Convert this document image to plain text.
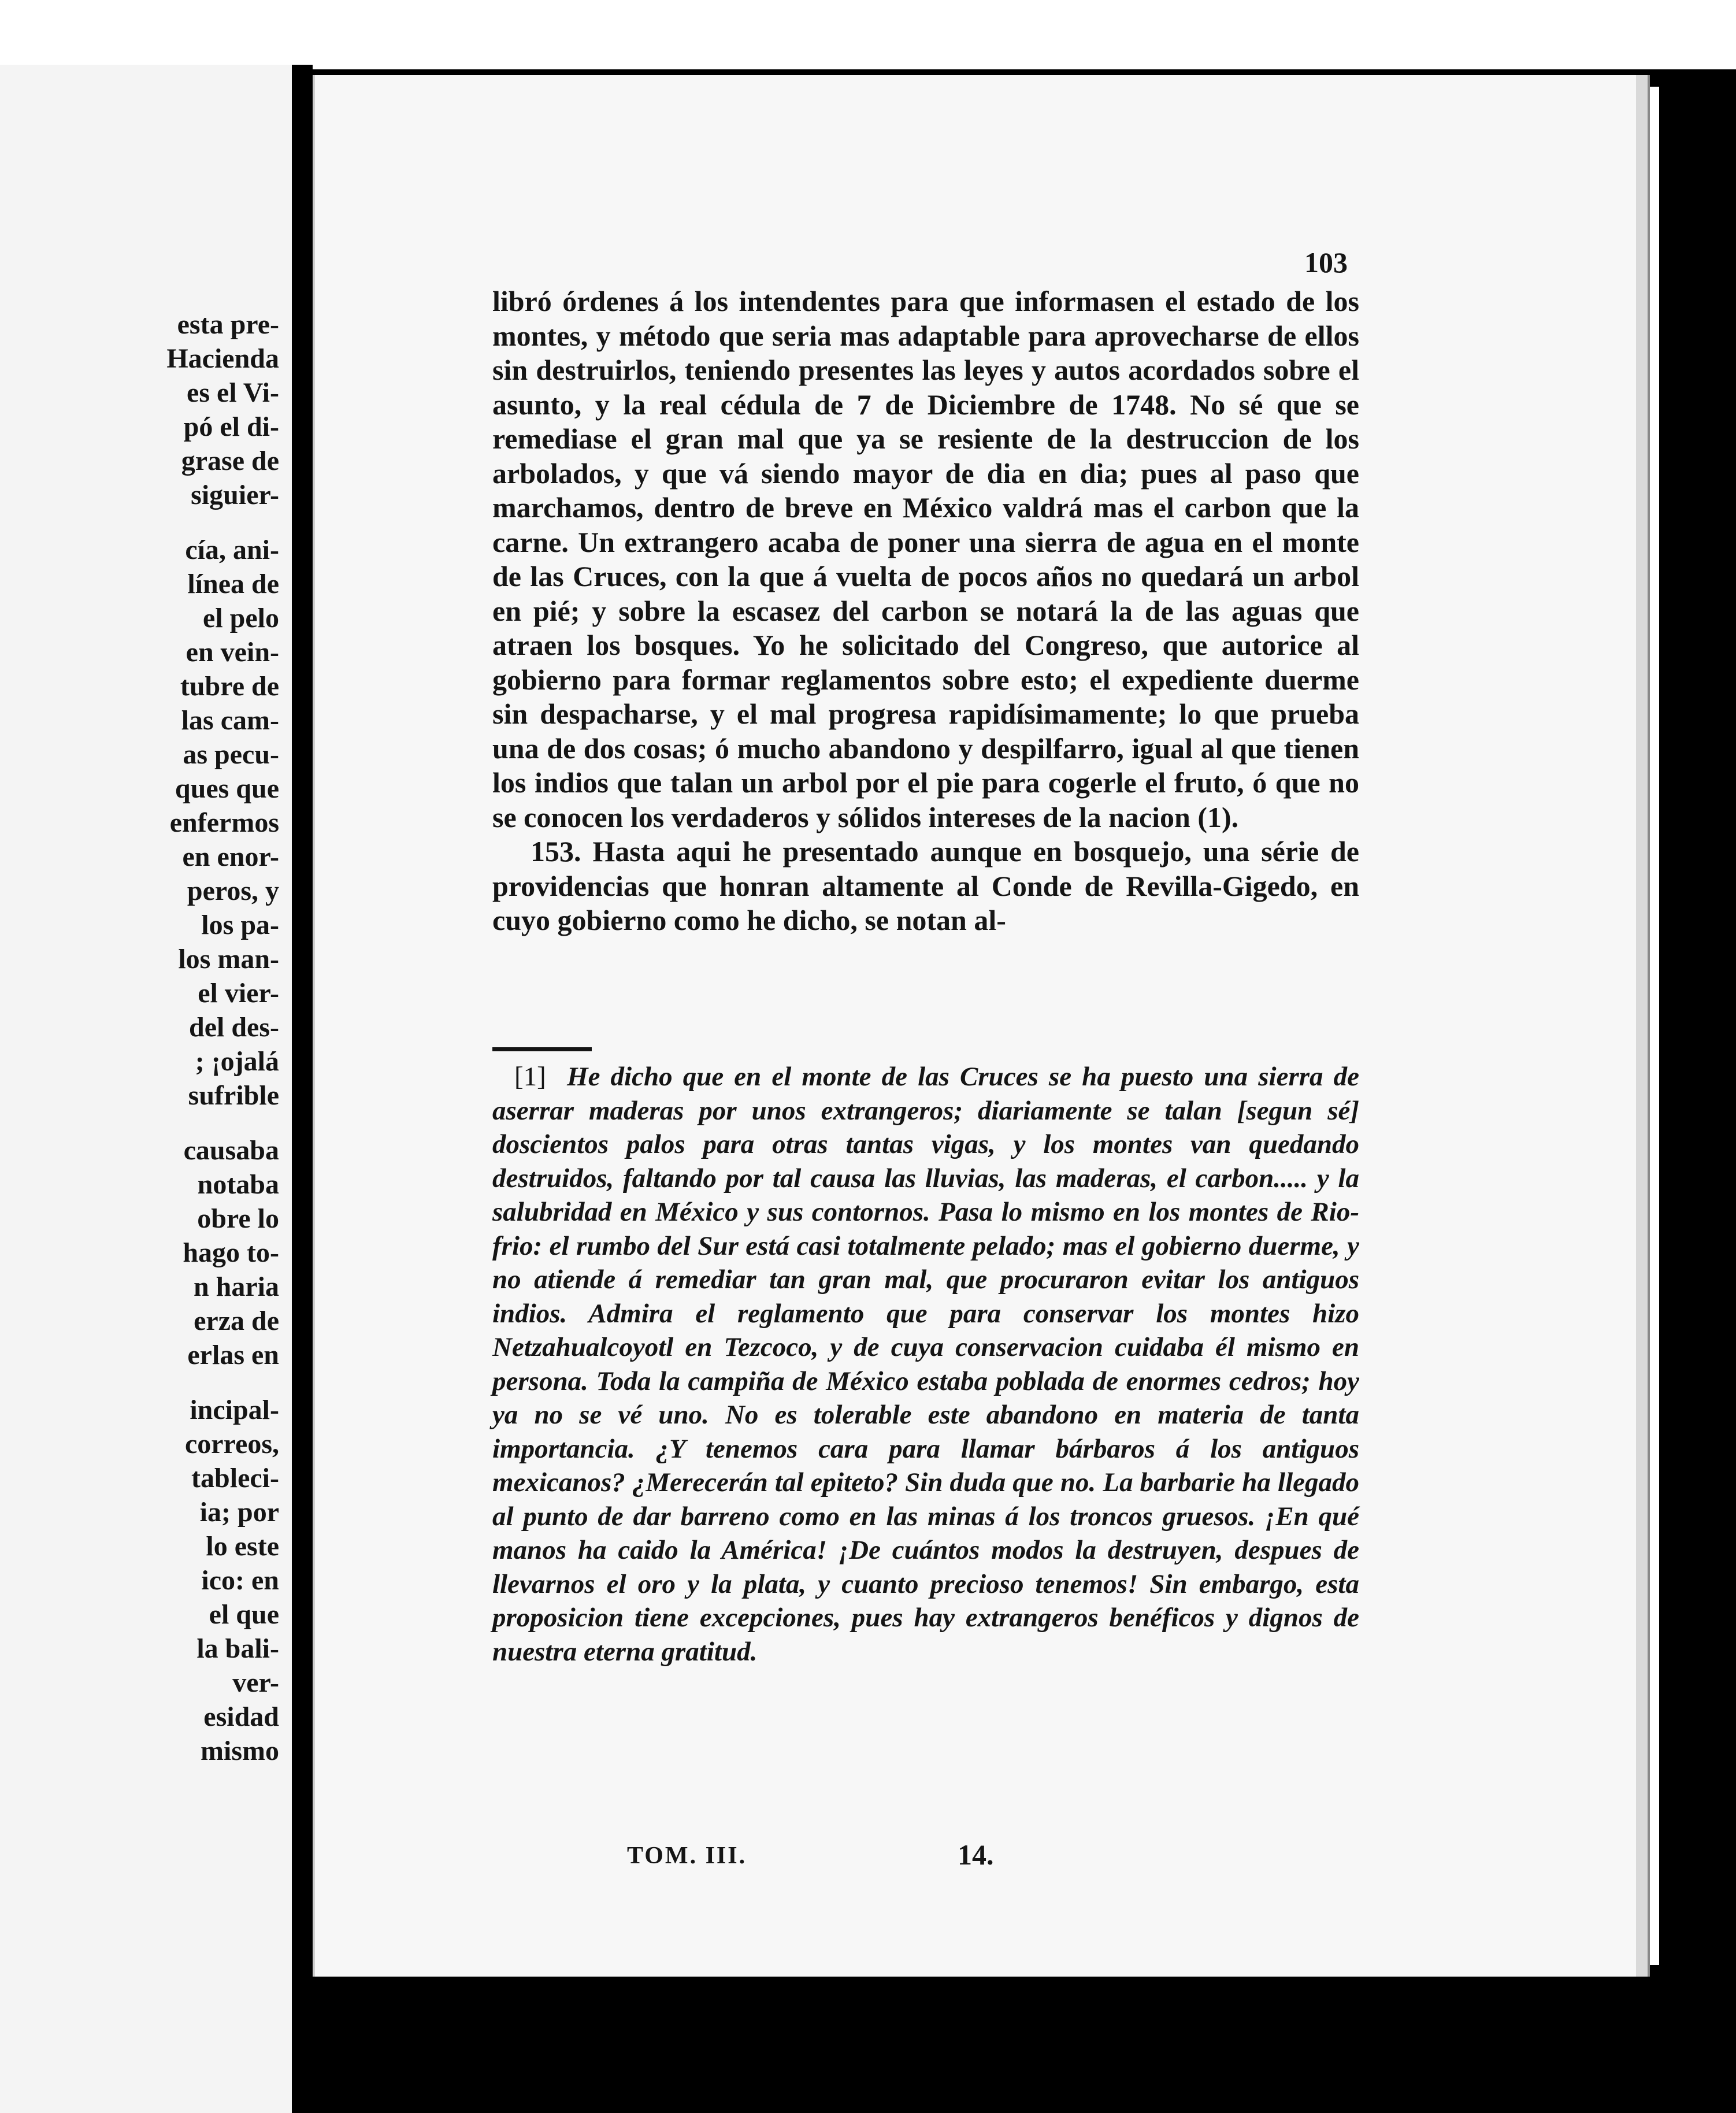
esta pre-
Hacienda
es el Vi-
pó el di-
grase de
siguier-
cía, ani-
línea de
el pelo
en vein-
tubre de
las cam-
as pecu-
ques que
enfermos
en enor-
peros, y
los pa-
los man-
el vier-
del des-
; ¡ojalá
sufrible
causaba
notaba
obre lo
hago to-
n haria
erza de
erlas en
incipal-
correos,
tableci-
ia; por
lo este
ico: en
el que
la bali-
ver-
esidad
mismo
103

libró órdenes á los intendentes para que informasen el estado de los montes, y método que seria mas adaptable para aprovecharse de ellos sin destruirlos, teniendo presentes las leyes y autos acordados sobre el asunto, y la real cédula de 7 de Diciembre de 1748. No sé que se remediase el gran mal que ya se resiente de la destruccion de los arbolados, y que vá siendo mayor de dia en dia; pues al paso que marchamos, dentro de breve en México valdrá mas el carbon que la carne. Un extrangero acaba de poner una sierra de agua en el monte de las Cruces, con la que á vuelta de pocos años no quedará un arbol en pié; y sobre la escasez del carbon se notará la de las aguas que atraen los bosques. Yo he solicitado del Congreso, que autorice al gobierno para formar reglamentos sobre esto; el expediente duerme sin despacharse, y el mal progresa rapidísimamente; lo que prueba una de dos cosas; ó mucho abandono y despilfarro, igual al que tienen los indios que talan un arbol por el pie para cogerle el fruto, ó que no se conocen los verdaderos y sólidos intereses de la nacion (1).

153. Hasta aqui he presentado aunque en bosquejo, una série de providencias que honran altamente al Conde de Revilla-Gigedo, en cuyo gobierno como he dicho, se notan al-

[1] He dicho que en el monte de las Cruces se ha puesto una sierra de aserrar maderas por unos extrangeros; diariamente se talan [segun sé] doscientos palos para otras tantas vigas, y los montes van quedando destruidos, faltando por tal causa las lluvias, las maderas, el carbon..... y la salubridad en México y sus contornos. Pasa lo mismo en los montes de Rio-frio: el rumbo del Sur está casi totalmente pelado; mas el gobierno duerme, y no atiende á remediar tan gran mal, que procuraron evitar los antiguos indios. Admira el reglamento que para conservar los montes hizo Netzahualcoyotl en Tezcoco, y de cuya conservacion cuidaba él mismo en persona. Toda la campiña de México estaba poblada de enormes cedros; hoy ya no se vé uno. No es tolerable este abandono en materia de tanta importancia. ¿Y tenemos cara para llamar bárbaros á los antiguos mexicanos? ¿Merecerán tal epiteto? Sin duda que no. La barbarie ha llegado al punto de dar barreno como en las minas á los troncos gruesos. ¡En qué manos ha caido la América! ¡De cuántos modos la destruyen, despues de llevarnos el oro y la plata, y cuanto precioso tenemos! Sin embargo, esta proposicion tiene excepciones, pues hay extrangeros benéficos y dignos de nuestra eterna gratitud.

TOM. III.	14.
